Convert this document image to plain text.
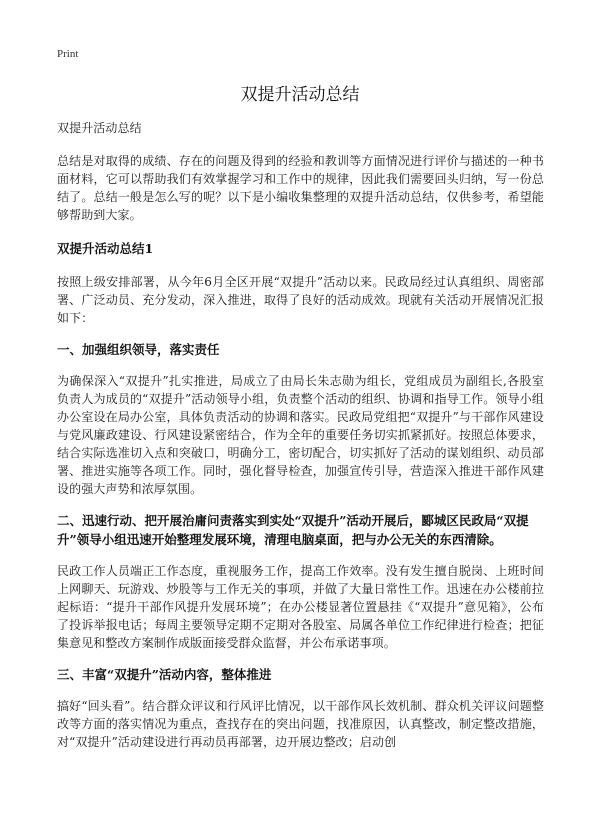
Print
双提升活动总结

双提升活动总结

总结是对取得的成绩、存在的问题及得到的经验和教训等方面情况进行评价与描述的一种书面材料，它可以帮助我们有效掌握学习和工作中的规律，因此我们需要回头归纳，写一份总结了。总结一般是怎么写的呢？以下是小编收集整理的双提升活动总结，仅供参考，希望能够帮助到大家。

双提升活动总结1

按照上级安排部署，从今年6月全区开展“双提升”活动以来。民政局经过认真组织、周密部署、广泛动员、充分发动，深入推进，取得了良好的活动成效。现就有关活动开展情况汇报如下：

一、加强组织领导，落实责任

为确保深入“双提升”扎实推进，局成立了由局长朱志勋为组长，党组成员为副组长,各股室负责人为成员的“双提升”活动领导小组，负责整个活动的组织、协调和指导工作。领导小组办公室设在局办公室，具体负责活动的协调和落实。民政局党组把“双提升”与干部作风建设与党风廉政建设、行风建设紧密结合，作为全年的重要任务切实抓紧抓好。按照总体要求，结合实际选准切入点和突破口，明确分工，密切配合，切实抓好了活动的谋划组织、动员部署、推进实施等各项工作。同时，强化督导检查，加强宣传引导，营造深入推进干部作风建设的强大声势和浓厚氛围。

二、迅速行动、把开展治庸问责落实到实处“双提升”活动开展后，郾城区民政局“双提升”领导小组迅速开始整理发展环境，清理电脑桌面，把与办公无关的东西清除。

民政工作人员端正工作态度，重视服务工作，提高工作效率。没有发生擅自脱岗、上班时间上网聊天、玩游戏、炒股等与工作无关的事项，并做了大量日常性工作。迅速在办公楼前拉起标语：“提升干部作风提升发展环境”；在办公楼显著位置悬挂《“双提升”意见箱》，公布了投诉举报电话；每周主要领导定期不定期对各股室、局属各单位工作纪律进行检查；把征集意见和整改方案制作成版面接受群众监督，并公布承诺事项。

三、丰富“双提升”活动内容，整体推进

搞好“回头看”。结合群众评议和行风评比情况，以干部作风长效机制、群众机关评议问题整改等方面的落实情况为重点，查找存在的突出问题，找准原因，认真整改，制定整改措施，对“双提升”活动建设进行再动员再部署，边开展边整改；启动创
